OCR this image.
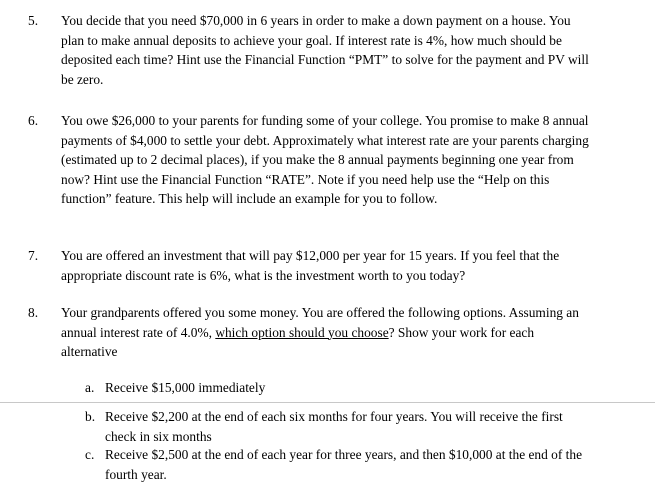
5. You decide that you need $70,000 in 6 years in order to make a down payment on a house. You plan to make annual deposits to achieve your goal. If interest rate is 4%, how much should be deposited each time? Hint use the Financial Function “PMT” to solve for the payment and PV will be zero.
6. You owe $26,000 to your parents for funding some of your college. You promise to make 8 annual payments of $4,000 to settle your debt. Approximately what interest rate are your parents charging (estimated up to 2 decimal places), if you make the 8 annual payments beginning one year from now? Hint use the Financial Function “RATE”. Note if you need help use the “Help on this function” feature. This help will include an example for you to follow.
7. You are offered an investment that will pay $12,000 per year for 15 years. If you feel that the appropriate discount rate is 6%, what is the investment worth to you today?
8. Your grandparents offered you some money. You are offered the following options. Assuming an annual interest rate of 4.0%, which option should you choose? Show your work for each alternative
a. Receive $15,000 immediately
b. Receive $2,200 at the end of each six months for four years. You will receive the first check in six months
c. Receive $2,500 at the end of each year for three years, and then $10,000 at the end of the fourth year.
